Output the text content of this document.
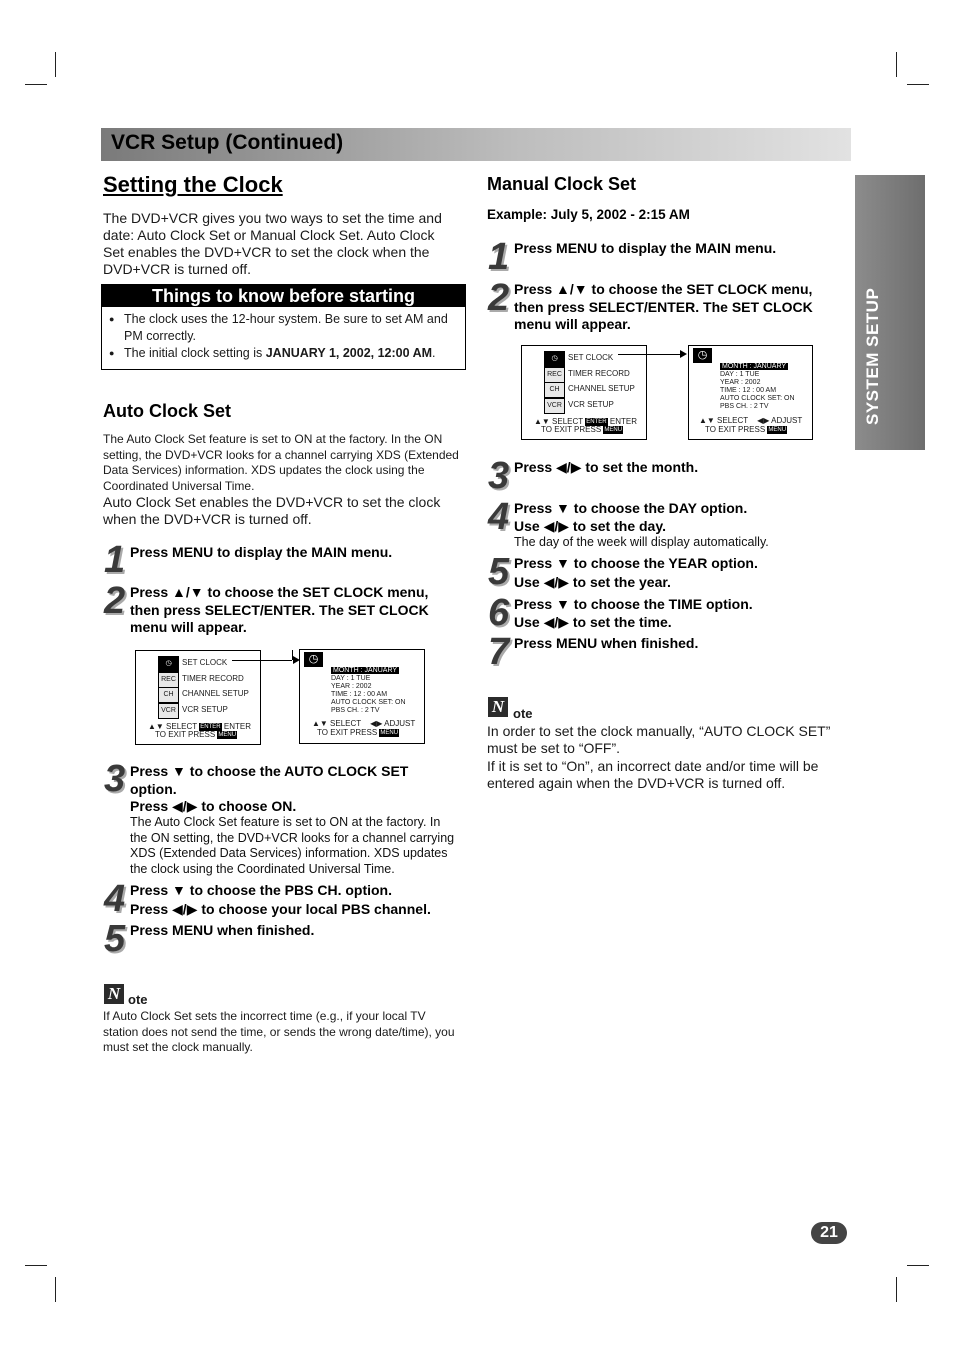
VCR Setup (Continued)
SYSTEM SETUP
Setting the Clock
The DVD+VCR gives you two ways to set the time and date: Auto Clock Set or Manual Clock Set. Auto Clock Set enables the DVD+VCR to set the clock when the DVD+VCR is turned off.
Things to know before starting
● The clock uses the 12-hour system. Be sure to set AM and PM correctly.
● The initial clock setting is JANUARY 1, 2002, 12:00 AM.
Auto Clock Set
The Auto Clock Set feature is set to ON at the factory. In the ON setting, the DVD+VCR looks for a channel carrying XDS (Extended Data Services) information. XDS updates the clock using the Coordinated Universal Time.
Auto Clock Set enables the DVD+VCR to set the clock when the DVD+VCR is turned off.
1 Press MENU to display the MAIN menu.
2 Press ▲/▼ to choose the SET CLOCK menu, then press SELECT/ENTER. The SET CLOCK menu will appear.
◷	SET CLOCK
REC TIMER RECORD
CH	CHANNEL SETUP
VCR VCR SETUP
▲▼ SELECT ENTER ENTER
TO EXIT PRESS MENU
◷
MONTH : JANUARY
DAY : 1 TUE
YEAR : 2002
TIME : 12 : 00 AM
AUTO CLOCK SET: ON
PBS CH. : 2 TV
▲▼ SELECT ◀▶ ADJUST
TO EXIT PRESS MENU
3 Press ▼ to choose the AUTO CLOCK SET option.
Press ◀/▶ to choose ON.
The Auto Clock Set feature is set to ON at the factory. In the ON setting, the DVD+VCR looks for a channel carrying XDS (Extended Data Services) information. XDS updates the clock using the Coordinated Universal Time.
4 Press ▼ to choose the PBS CH. option.
Press ◀/▶ to choose your local PBS channel.
5 Press MENU when finished.
N ote
If Auto Clock Set sets the incorrect time (e.g., if your local TV station does not send the time, or sends the wrong date/time), you must set the clock manually.
Manual Clock Set
Example: July 5, 2002 - 2:15 AM
1 Press MENU to display the MAIN menu.
2 Press ▲/▼ to choose the SET CLOCK menu, then press SELECT/ENTER. The SET CLOCK menu will appear.
◷	SET CLOCK
REC TIMER RECORD
CH	CHANNEL SETUP
VCR VCR SETUP
▲▼ SELECT ENTER ENTER
TO EXIT PRESS MENU
◷
MONTH : JANUARY
DAY : 1 TUE
YEAR : 2002
TIME : 12 : 00 AM
AUTO CLOCK SET: ON
PBS CH. : 2 TV
▲▼ SELECT ◀▶ ADJUST
TO EXIT PRESS MENU
3 Press ◀/▶ to set the month.
4 Press ▼ to choose the DAY option.
Use ◀/▶ to set the day.
The day of the week will display automatically.
5 Press ▼ to choose the YEAR option.
Use ◀/▶ to set the year.
6 Press ▼ to choose the TIME option.
Use ◀/▶ to set the time.
7 Press MENU when finished.
N ote
In order to set the clock manually, “AUTO CLOCK SET” must be set to “OFF”.
If it is set to “On”, an incorrect date and/or time will be entered again when the DVD+VCR is turned off.
21
